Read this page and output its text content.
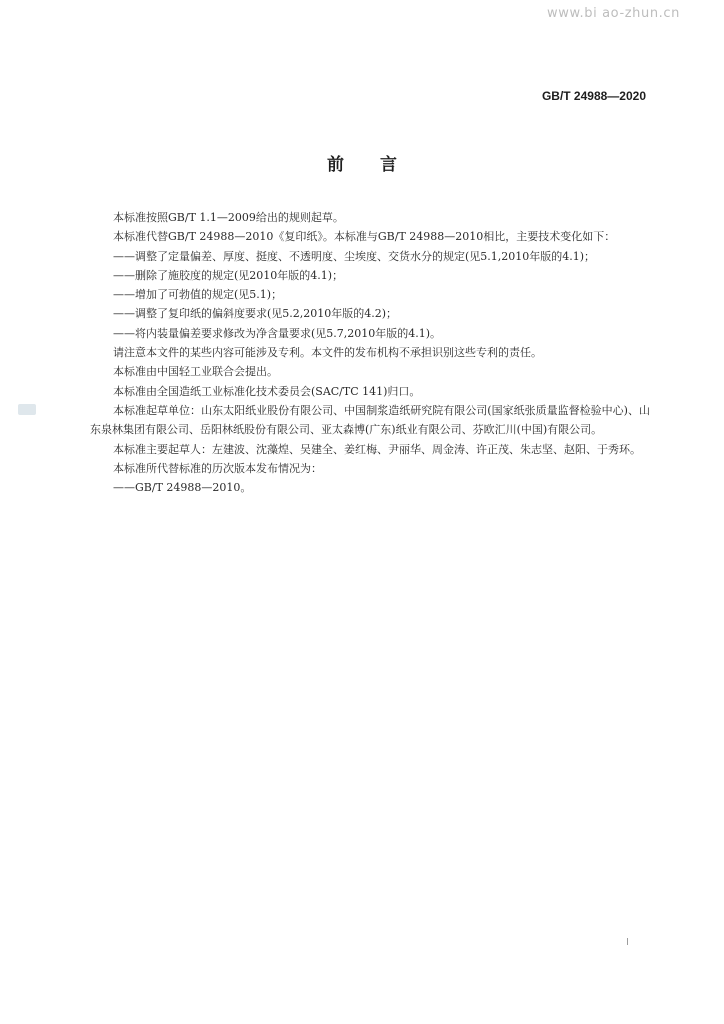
www.bi ao-zhun.cn
GB/T 24988—2020
前言

本标准按照GB/T 1.1—2009给出的规则起草。

本标准代替GB/T 24988—2010《复印纸》。本标准与GB/T 24988—2010相比，主要技术变化如下：

——调整了定量偏差、厚度、挺度、不透明度、尘埃度、交货水分的规定(见5.1,2010年版的4.1)；

——删除了施胶度的规定(见2010年版的4.1)；

——增加了可勃值的规定(见5.1)；

——调整了复印纸的偏斜度要求(见5.2,2010年版的4.2)；

——将内装量偏差要求修改为净含量要求(见5.7,2010年版的4.1)。

请注意本文件的某些内容可能涉及专利。本文件的发布机构不承担识别这些专利的责任。

本标准由中国轻工业联合会提出。

本标准由全国造纸工业标准化技术委员会(SAC/TC 141)归口。

本标准起草单位：山东太阳纸业股份有限公司、中国制浆造纸研究院有限公司(国家纸张质量监督检验中心)、山东泉林集团有限公司、岳阳林纸股份有限公司、亚太森博(广东)纸业有限公司、芬欧汇川(中国)有限公司。

本标准主要起草人：左建波、沈藻煌、吴建全、姜红梅、尹丽华、周金涛、许正茂、朱志坚、赵阳、于秀环。

本标准所代替标准的历次版本发布情况为：

——GB/T 24988—2010。

I
